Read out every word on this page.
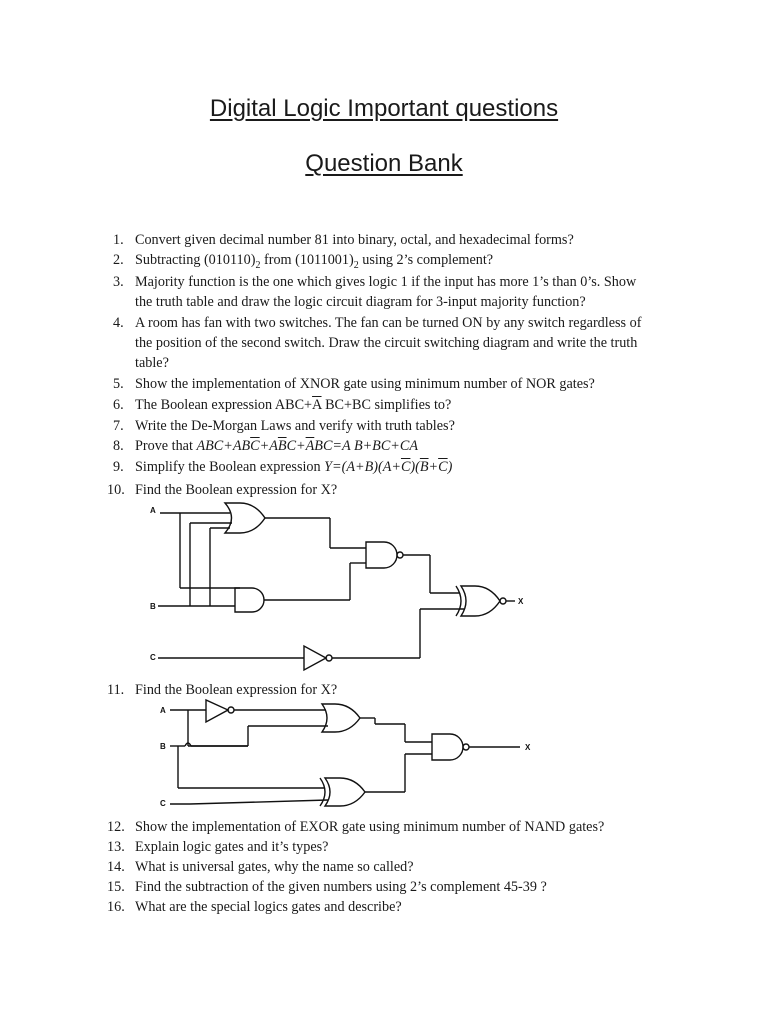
Digital Logic Important questions
Question Bank
1. Convert given decimal number 81 into binary, octal, and hexadecimal forms?
2. Subtracting $(010110)_2$ from $(1011001)_2$ using 2’s complement?
3. Majority function is the one which gives logic 1 if the input has more 1’s than 0’s. Show
the truth table and draw the logic circuit diagram for 3-input majority function?
4. A room has fan with two switches. The fan can be turned ON by any switch regardless of
the position of the second switch. Draw the circuit switching diagram and write the truth
table?
5. Show the implementation of XNOR gate using minimum number of NOR gates?
6. The Boolean expression $ABC+\overline{A}$ BC+BC simplifies to?
7. Write the De-Morgan Laws and verify with truth tables?
8. Prove that $ABC+AB\overline{C}+A\overline{B}C+\overline{A}BC=A$ B+BC+CA
9. Simplify the Boolean expression $Y=(A+B)(A+\overline{C})(\overline{B}+\overline{C})$
10. Find the Boolean expression for X?
A
B
C
X
11. Find the Boolean expression for X?
A
B
C
X
12. Show the implementation of EXOR gate using minimum number of NAND gates?
13. Explain logic gates and it’s types?
14. What is universal gates, why the name so called?
15. Find the subtraction of the given numbers using 2’s complement 45-39 ?
16. What are the special logics gates and describe?
